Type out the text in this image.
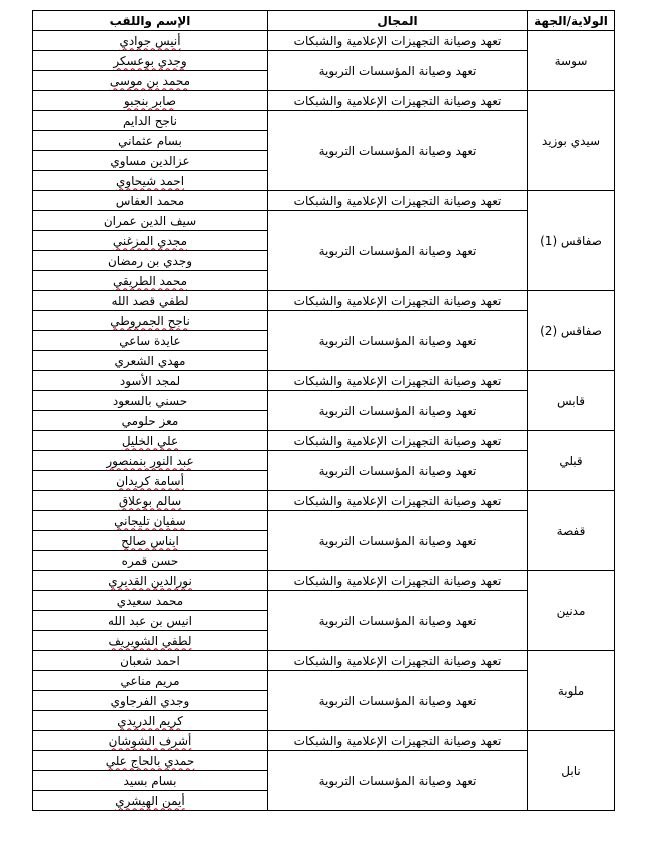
الولاية/الجهة	المجال	الإسم واللقب
سوسة	تعهد وصيانة التجهيزات الإعلامية والشبكات	أنيس جوادي
	تعهد وصيانة المؤسسات التربوية	وجدي بوعسكر
		محمد بن موسى
سيدي بوزيد	تعهد وصيانة التجهيزات الإعلامية والشبكات	صابر بنجبو
	تعهد وصيانة المؤسسات التربوية	ناجح الدايم
		بسام عثماني
		عزالدين مساوي
		احمد شيحاوي
صفاقس (1)	تعهد وصيانة التجهيزات الإعلامية والشبكات	محمد العفاس
	تعهد وصيانة المؤسسات التربوية	سيف الدين عمران
		مجدي المزغني
		وجدي بن رمضان
		محمد الطريقي
صفاقس (2)	تعهد وصيانة التجهيزات الإعلامية والشبكات	لطفي قصد الله
	تعهد وصيانة المؤسسات التربوية	ناجح الجمروطي
		عايدة ساعي
		مهدي الشعري
قابس	تعهد وصيانة التجهيزات الإعلامية والشبكات	لمجد الأسود
	تعهد وصيانة المؤسسات التربوية	حسني بالسعود
		معز حلومي
قبلي	تعهد وصيانة التجهيزات الإعلامية والشبكات	علي الخليل
	تعهد وصيانة المؤسسات التربوية	عبد النور بنمنصور
		أسامة كريدان
قفصة	تعهد وصيانة التجهيزات الإعلامية والشبكات	سالم بوعلاق
	تعهد وصيانة المؤسسات التربوية	سفيان تليجاني
		ايناس صالح
		حسن قمره
مدنين	تعهد وصيانة التجهيزات الإعلامية والشبكات	نورالدين القديري
	تعهد وصيانة المؤسسات التربوية	محمد سعيدي
		انيس بن عبد الله
		لطفي الشويريف
ملوبة	تعهد وصيانة التجهيزات الإعلامية والشبكات	احمد شعبان
	تعهد وصيانة المؤسسات التربوية	مريم مناعي
		وجدي الفرجاوي
		كريم الدريدي
نابل	تعهد وصيانة التجهيزات الإعلامية والشبكات	أشرف الشوشان
	تعهد وصيانة المؤسسات التربوية	حمدي بالحاج علي
		بسام بسيد
		أيمن الهيشري
